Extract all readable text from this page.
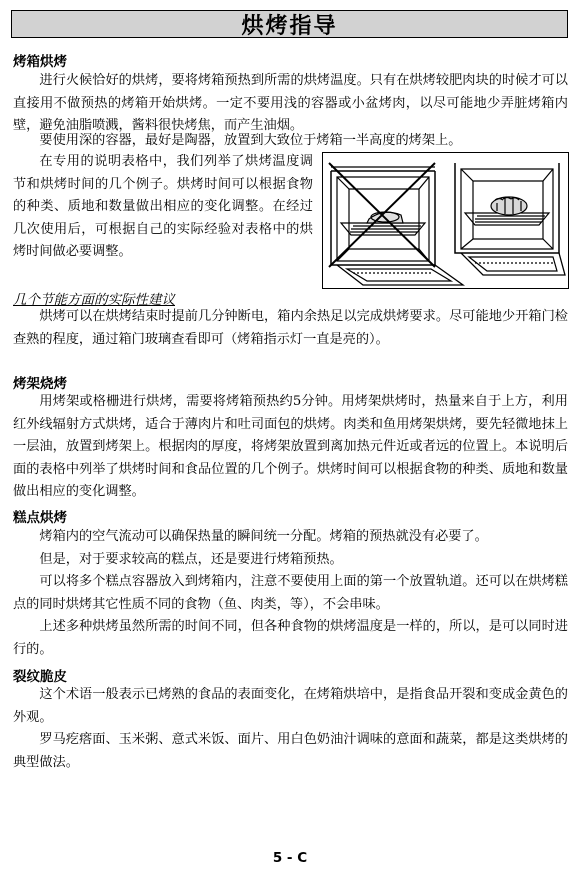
烘烤指导
烤箱烘烤
进行火候恰好的烘烤，要将烤箱预热到所需的烘烤温度。只有在烘烤较肥肉块的时候才可以直接用不做预热的烤箱开始烘烤。一定不要用浅的容器或小盆烤肉，以尽可能地少弄脏烤箱内壁，避免油脂喷溅，酱料很快烤焦，而产生油烟。
要使用深的容器，最好是陶器，放置到大致位于烤箱一半高度的烤架上。
在专用的说明表格中，我们列举了烘烤温度调节和烘烤时间的几个例子。烘烤时间可以根据食物的种类、质地和数量做出相应的变化调整。在经过几次使用后，可根据自己的实际经验对表格中的烘烤时间做必要调整。
几个节能方面的实际性建议
烘烤可以在烘烤结束时提前几分钟断电，箱内余热足以完成烘烤要求。尽可能地少开箱门检查熟的程度，通过箱门玻璃查看即可（烤箱指示灯一直是亮的）。
烤架烧烤
用烤架或格栅进行烘烤，需要将烤箱预热约5分钟。用烤架烘烤时，热量来自于上方，利用红外线辐射方式烘烤，适合于薄肉片和吐司面包的烘烤。肉类和鱼用烤架烘烤，要先轻微地抹上一层油，放置到烤架上。根据肉的厚度，将烤架放置到离加热元件近或者远的位置上。本说明后面的表格中列举了烘烤时间和食品位置的几个例子。烘烤时间可以根据食物的种类、质地和数量做出相应的变化调整。
糕点烘烤
烤箱内的空气流动可以确保热量的瞬间统一分配。烤箱的预热就没有必要了。
但是，对于要求较高的糕点，还是要进行烤箱预热。
可以将多个糕点容器放入到烤箱内，注意不要使用上面的第一个放置轨道。还可以在烘烤糕点的同时烘烤其它性质不同的食物（鱼、肉类，等），不会串味。
上述多种烘烤虽然所需的时间不同，但各种食物的烘烤温度是一样的，所以，是可以同时进行的。
裂纹脆皮
这个术语一般表示已烤熟的食品的表面变化，在烤箱烘培中，是指食品开裂和变成金黄色的外观。
罗马疙瘩面、玉米粥、意式米饭、面片、用白色奶油汁调味的意面和蔬菜，都是这类烘烤的典型做法。
5 - C
